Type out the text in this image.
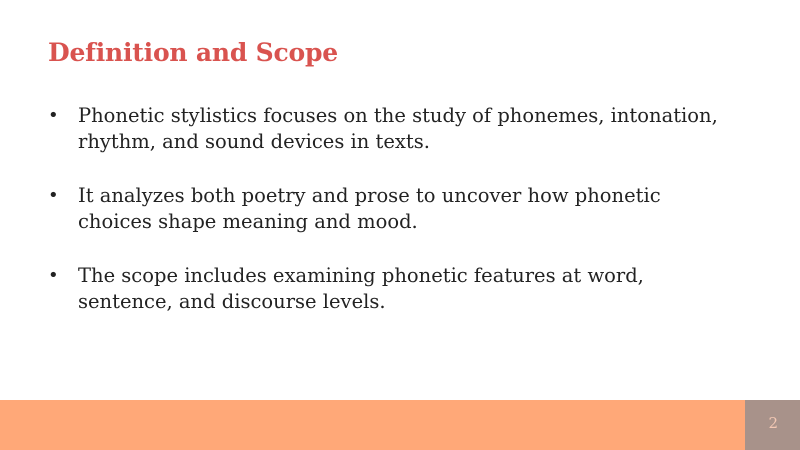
Definition and Scope
• Phonetic stylistics focuses on the study of phonemes, intonation, rhythm, and sound devices in texts.
• It analyzes both poetry and prose to uncover how phonetic choices shape meaning and mood.
• The scope includes examining phonetic features at word, sentence, and discourse levels.
2
